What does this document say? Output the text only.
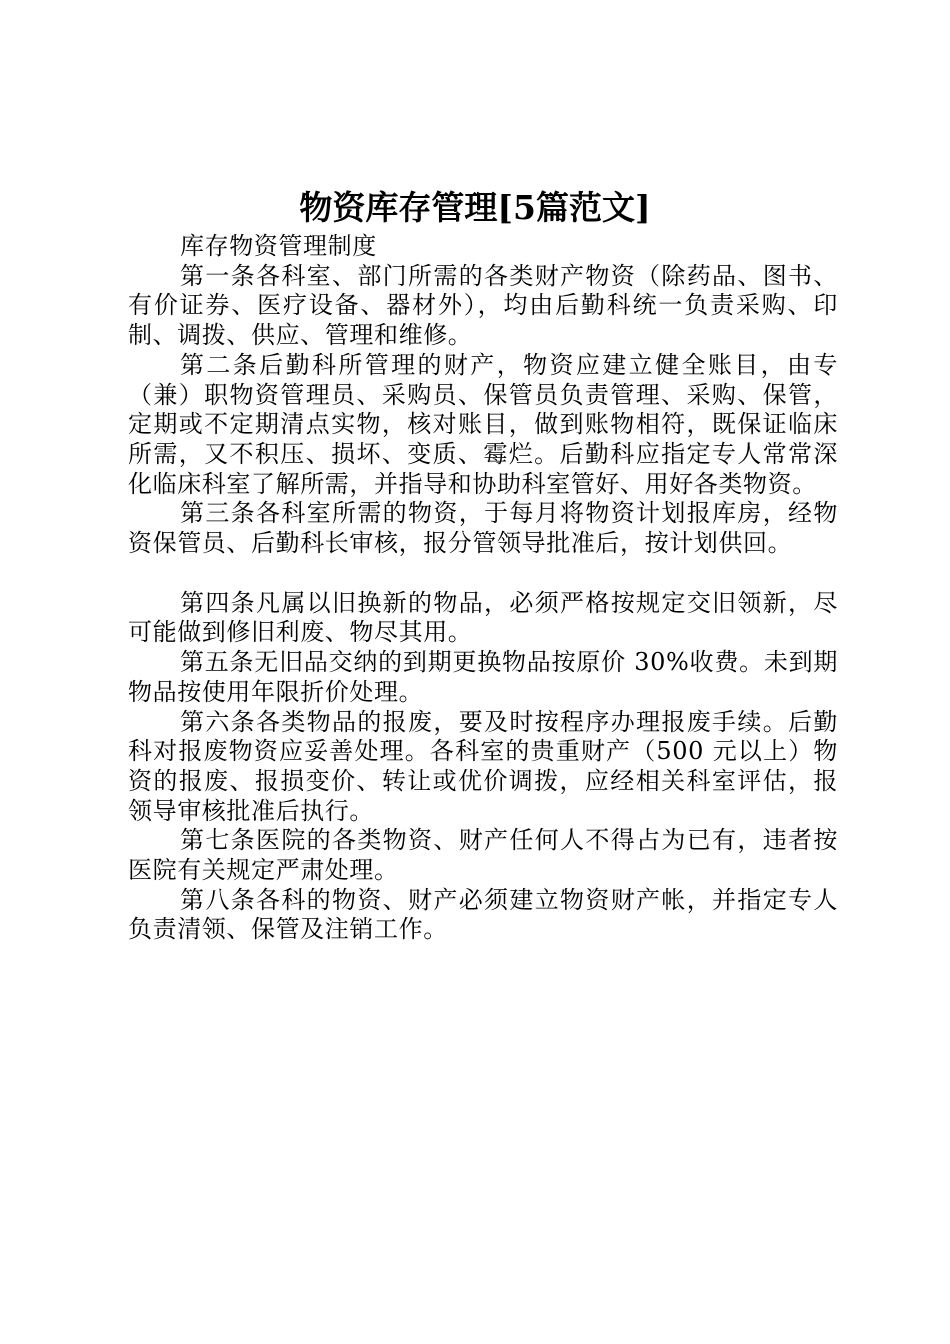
物资库存管理[5篇范文]

库存物资管理制度

第一条各科室、部门所需的各类财产物资（除药品、图书、有价证券、医疗设备、器材外），均由后勤科统一负责采购、印制、调拨、供应、管理和维修。

第二条后勤科所管理的财产，物资应建立健全账目，由专（兼）职物资管理员、采购员、保管员负责管理、采购、保管，定期或不定期清点实物，核对账目，做到账物相符，既保证临床所需，又不积压、损坏、变质、霉烂。后勤科应指定专人常常深化临床科室了解所需，并指导和协助科室管好、用好各类物资。

第三条各科室所需的物资，于每月将物资计划报库房，经物资保管员、后勤科长审核，报分管领导批准后，按计划供回。

第四条凡属以旧换新的物品，必须严格按规定交旧领新，尽可能做到修旧利废、物尽其用。

第五条无旧品交纳的到期更换物品按原价 30%收费。未到期物品按使用年限折价处理。

第六条各类物品的报废，要及时按程序办理报废手续。后勤科对报废物资应妥善处理。各科室的贵重财产（500 元以上）物资的报废、报损变价、转让或优价调拨，应经相关科室评估，报领导审核批准后执行。

第七条医院的各类物资、财产任何人不得占为已有，违者按医院有关规定严肃处理。

第八条各科的物资、财产必须建立物资财产帐，并指定专人负责清领、保管及注销工作。
